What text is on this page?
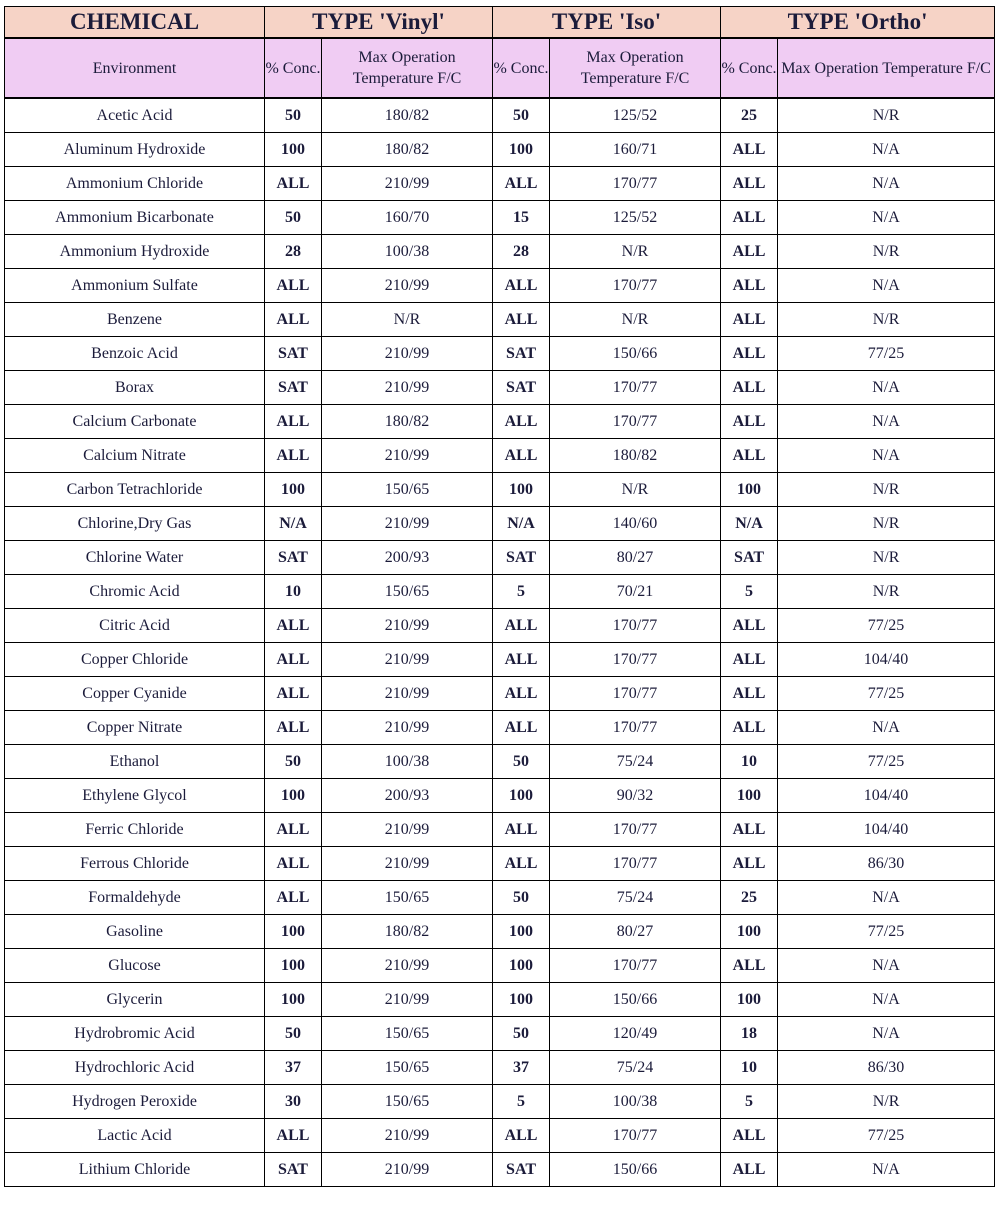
CHEMICAL	TYPE 'Vinyl'		TYPE 'Iso'		TYPE 'Ortho'	
Environment	% Conc.	Max Operation Temperature F/C	% Conc.	Max Operation Temperature F/C	% Conc.	Max Operation Temperature F/C
Acetic Acid	50	180/82	50	125/52	25	N/R
Aluminum Hydroxide	100	180/82	100	160/71	ALL	N/A
Ammonium Chloride	ALL	210/99	ALL	170/77	ALL	N/A
Ammonium Bicarbonate	50	160/70	15	125/52	ALL	N/A
Ammonium Hydroxide	28	100/38	28	N/R	ALL	N/R
Ammonium Sulfate	ALL	210/99	ALL	170/77	ALL	N/A
Benzene	ALL	N/R	ALL	N/R	ALL	N/R
Benzoic Acid	SAT	210/99	SAT	150/66	ALL	77/25
Borax	SAT	210/99	SAT	170/77	ALL	N/A
Calcium Carbonate	ALL	180/82	ALL	170/77	ALL	N/A
Calcium Nitrate	ALL	210/99	ALL	180/82	ALL	N/A
Carbon Tetrachloride	100	150/65	100	N/R	100	N/R
Chlorine,Dry Gas	N/A	210/99	N/A	140/60	N/A	N/R
Chlorine Water	SAT	200/93	SAT	80/27	SAT	N/R
Chromic Acid	10	150/65	5	70/21	5	N/R
Citric Acid	ALL	210/99	ALL	170/77	ALL	77/25
Copper Chloride	ALL	210/99	ALL	170/77	ALL	104/40
Copper Cyanide	ALL	210/99	ALL	170/77	ALL	77/25
Copper Nitrate	ALL	210/99	ALL	170/77	ALL	N/A
Ethanol	50	100/38	50	75/24	10	77/25
Ethylene Glycol	100	200/93	100	90/32	100	104/40
Ferric Chloride	ALL	210/99	ALL	170/77	ALL	104/40
Ferrous Chloride	ALL	210/99	ALL	170/77	ALL	86/30
Formaldehyde	ALL	150/65	50	75/24	25	N/A
Gasoline	100	180/82	100	80/27	100	77/25
Glucose	100	210/99	100	170/77	ALL	N/A
Glycerin	100	210/99	100	150/66	100	N/A
Hydrobromic Acid	50	150/65	50	120/49	18	N/A
Hydrochloric Acid	37	150/65	37	75/24	10	86/30
Hydrogen Peroxide	30	150/65	5	100/38	5	N/R
Lactic Acid	ALL	210/99	ALL	170/77	ALL	77/25
Lithium Chloride	SAT	210/99	SAT	150/66	ALL	N/A
